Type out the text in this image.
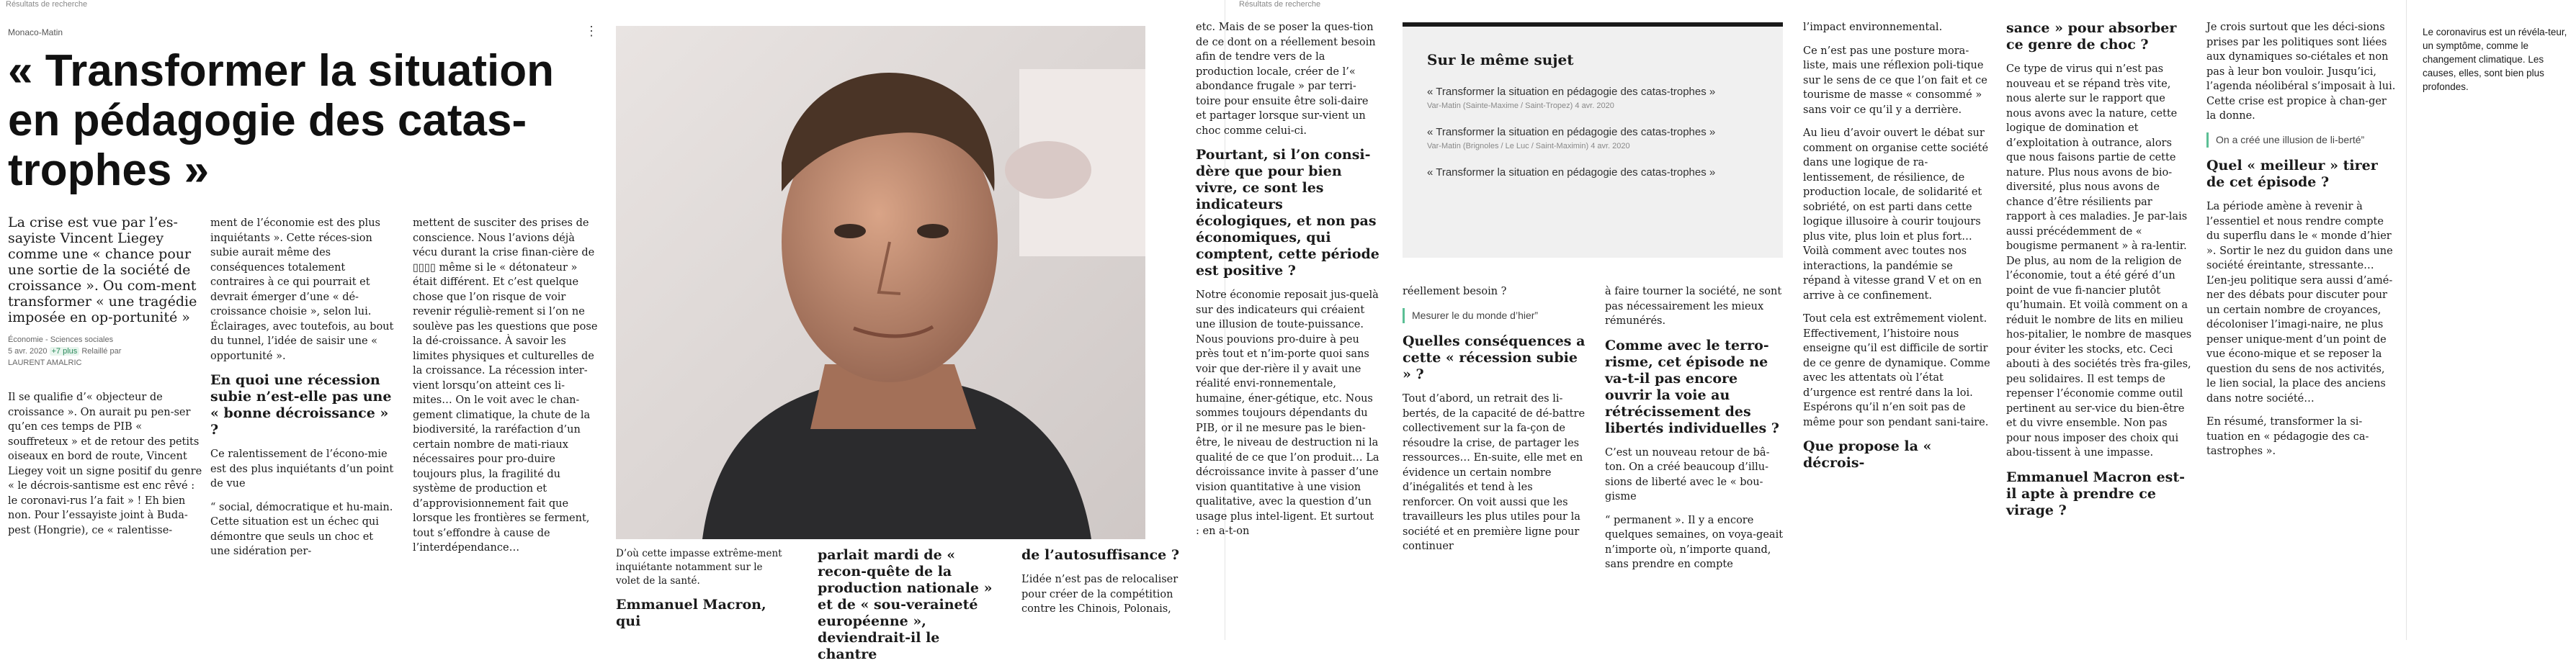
Résultats de recherche	Résultats de recherche
Monaco-Matin	⋮
« Transformer la situation en pédagogie des catas-trophes »

La crise est vue par l’es-sayiste Vincent Liegey comme une « chance pour une sortie de la société de croissance ». Ou com-ment transformer « une tragédie imposée en op-portunité »

Économie - Sciences sociales
5 avr. 2020 +7 plus Relaillé par
LAURENT AMALRIC

Il se qualifie d’« objecteur de croissance ». On aurait pu pen-ser qu’en ces temps de PIB « souffreteux » et de retour des petits oiseaux en bord de route, Vincent Liegey voit un signe positif du genre « le décrois-santisme est enc rêvé : le coronavi-rus l’a fait » ! Eh bien non. Pour l’essayiste joint à Buda-pest (Hongrie), ce « ralentisse-

ment de l’économie est des plus inquiétants ». Cette réces-sion subie aurait même des conséquences totalement contraires à ce qui pourrait et devrait émerger d’une « dé-croissance choisie », selon lui. Éclairages, avec toutefois, au bout du tunnel, l’idée de saisir une « opportunité ».

En quoi une récession subie n’est-elle pas une « bonne décroissance » ?

Ce ralentissement de l’écono-mie est des plus inquiétants d’un point de vue

“ social, démocratique et hu-main. Cette situation est un échec qui démontre que seuls un choc et une sidération per-

mettent de susciter des prises de conscience. Nous l’avions déjà vécu durant la crise finan-cière de ▯▯▯▯ même si le « détonateur » était différent. Et c’est quelque chose que l’on risque de voir revenir réguliè-rement si l’on ne soulève pas les questions que pose la dé-croissance. À savoir les limites physiques et culturelles de la croissance. La récession inter-vient lorsqu’on atteint ces li-mites… On le voit avec le chan-gement climatique, la chute de la biodiversité, la raréfaction d’un certain nombre de mati-riaux nécessaires pour pro-duire toujours plus, la fragilité du système de production et d’approvisionnement fait que lorsque les frontières se ferment, tout s’effondre à cause de l’interdépendance…	D’où cette impasse extrême-ment inquiétante notamment sur le volet de la santé.

Emmanuel Macron, qui
parlait mardi de « recon-quête de la production nationale » et de « sou-veraineté européenne », deviendrait-il le chantre
de l’autosuffisance ?

L’idée n’est pas de relocaliser pour créer de la compétition contre les Chinois, Polonais,

etc. Mais de se poser la ques-tion de ce dont on a réellement besoin afin de tendre vers de la production locale, créer de l’« abondance frugale » par terri-toire pour ensuite être soli-daire et partager lorsque sur-vient un choc comme celui-ci.

Pourtant, si l’on consi-dère que pour bien vivre, ce sont les indicateurs écologiques, et non pas économiques, qui comptent, cette période est positive ?

Notre économie reposait jus-quelà sur des indicateurs qui créaient une illusion de toute-puissance. Nous pouvions pro-duire à peu près tout et n’im-porte quoi sans voir que der-rière il y avait une réalité envi-ronnementale, humaine, éner-gétique, etc. Nous sommes toujours dépendants du PIB, or il ne mesure pas le bien-être, le niveau de destruction ni la qualité de ce que l’on produit… La décroissance invite à passer d’une vision quantitative à une vision qualitative, avec la question d’un usage plus intel-ligent. Et surtout : en a-t-on

Sur le même sujet
« Transformer la situation en pédagogie des catas-trophes »
Var-Matin (Sainte-Maxime / Saint-Tropez) 4 avr. 2020
« Transformer la situation en pédagogie des catas-trophes »
Var-Matin (Brignoles / Le Luc / Saint-Maximin) 4 avr. 2020
« Transformer la situation en pédagogie des catas-trophes »

réellement besoin ?

Mesurer le du monde d’hier”
Quelles conséquences a cette « récession subie » ?

Tout d’abord, un retrait des li-bertés, de la capacité de dé-battre collectivement sur la fa-çon de résoudre la crise, de partager les ressources… En-suite, elle met en évidence un certain nombre d’inégalités et tend à les renforcer. On voit aussi que les travailleurs les plus utiles pour la société et en première ligne pour continuer

à faire tourner la société, ne sont pas nécessairement les mieux rémunérés.

Comme avec le terro-risme, cet épisode ne va-t-il pas encore ouvrir la voie au rétrécissement des libertés individuelles ?

C’est un nouveau retour de bâ-ton. On a créé beaucoup d’illu-sions de liberté avec le « bou-gisme

“ permanent ». Il y a encore quelques semaines, on voya-geait n’importe où, n’importe quand, sans prendre en compte

l’impact environnemental.

Ce n’est pas une posture mora-liste, mais une réflexion poli-tique sur le sens de ce que l’on fait et ce tourisme de masse « consommé » sans voir ce qu’il y a derrière.

Au lieu d’avoir ouvert le débat sur comment on organise cette société dans une logique de ra-lentissement, de résilience, de production locale, de solidarité et sobriété, on est parti dans cette logique illusoire à courir toujours plus vite, plus loin et plus fort… Voilà comment avec toutes nos interactions, la pandémie se répand à vitesse grand V et on en arrive à ce confinement.

Tout cela est extrêmement violent. Effectivement, l’histoire nous enseigne qu’il est difficile de sortir de ce genre de dynamique. Comme avec les attentats où l’état d’urgence est rentré dans la loi. Espérons qu’il n’en soit pas de même pour son pendant sani-taire.

Que propose la « décrois-
sance » pour absorber ce genre de choc ?

Ce type de virus qui n’est pas nouveau et se répand très vite, nous alerte sur le rapport que nous avons avec la nature, cette logique de domination et d’exploitation à outrance, alors que nous faisons partie de cette nature. Plus nous avons de bio-diversité, plus nous avons de chance d’être résilients par rapport à ces maladies. Je par-lais aussi précédemment de « bougisme permanent » à ra-lentir. De plus, au nom de la religion de l’économie, tout a été géré d’un point de vue fi-nancier plutôt qu’humain. Et voilà comment on a réduit le nombre de lits en milieu hos-pitalier, le nombre de masques pour éviter les stocks, etc. Ceci abouti à des sociétés très fra-giles, peu solidaires. Il est temps de repenser l’économie comme outil pertinent au ser-vice du bien-être et du vivre ensemble. Non pas pour nous imposer des choix qui abou-tissent à une impasse.

Emmanuel Macron est-il apte à prendre ce virage ?

Je crois surtout que les déci-sions prises par les politiques sont liées aux dynamiques so-ciétales et non pas à leur bon vouloir. Jusqu’ici, l’agenda néolibéral s’imposait à lui. Cette crise est propice à chan-ger la donne.

On a créé une illusion de li-berté”
Quel « meilleur » tirer de cet épisode ?

La période amène à revenir à l’essentiel et nous rendre compte du superflu dans le « monde d’hier ». Sortir le nez du guidon dans une société éreintante, stressante… L’en-jeu politique sera aussi d’amé-ner des débats pour discuter pour un certain nombre de croyances, décoloniser l’imagi-naire, ne plus penser unique-ment d’un point de vue écono-mique et se reposer la question du sens de nos activités, le lien social, la place des anciens dans notre société…

En résumé, transformer la si-tuation en « pédagogie des ca-tastrophes ».

Le coronavirus est un révéla-teur, un symptôme, comme le changement climatique. Les causes, elles, sont bien plus profondes.
